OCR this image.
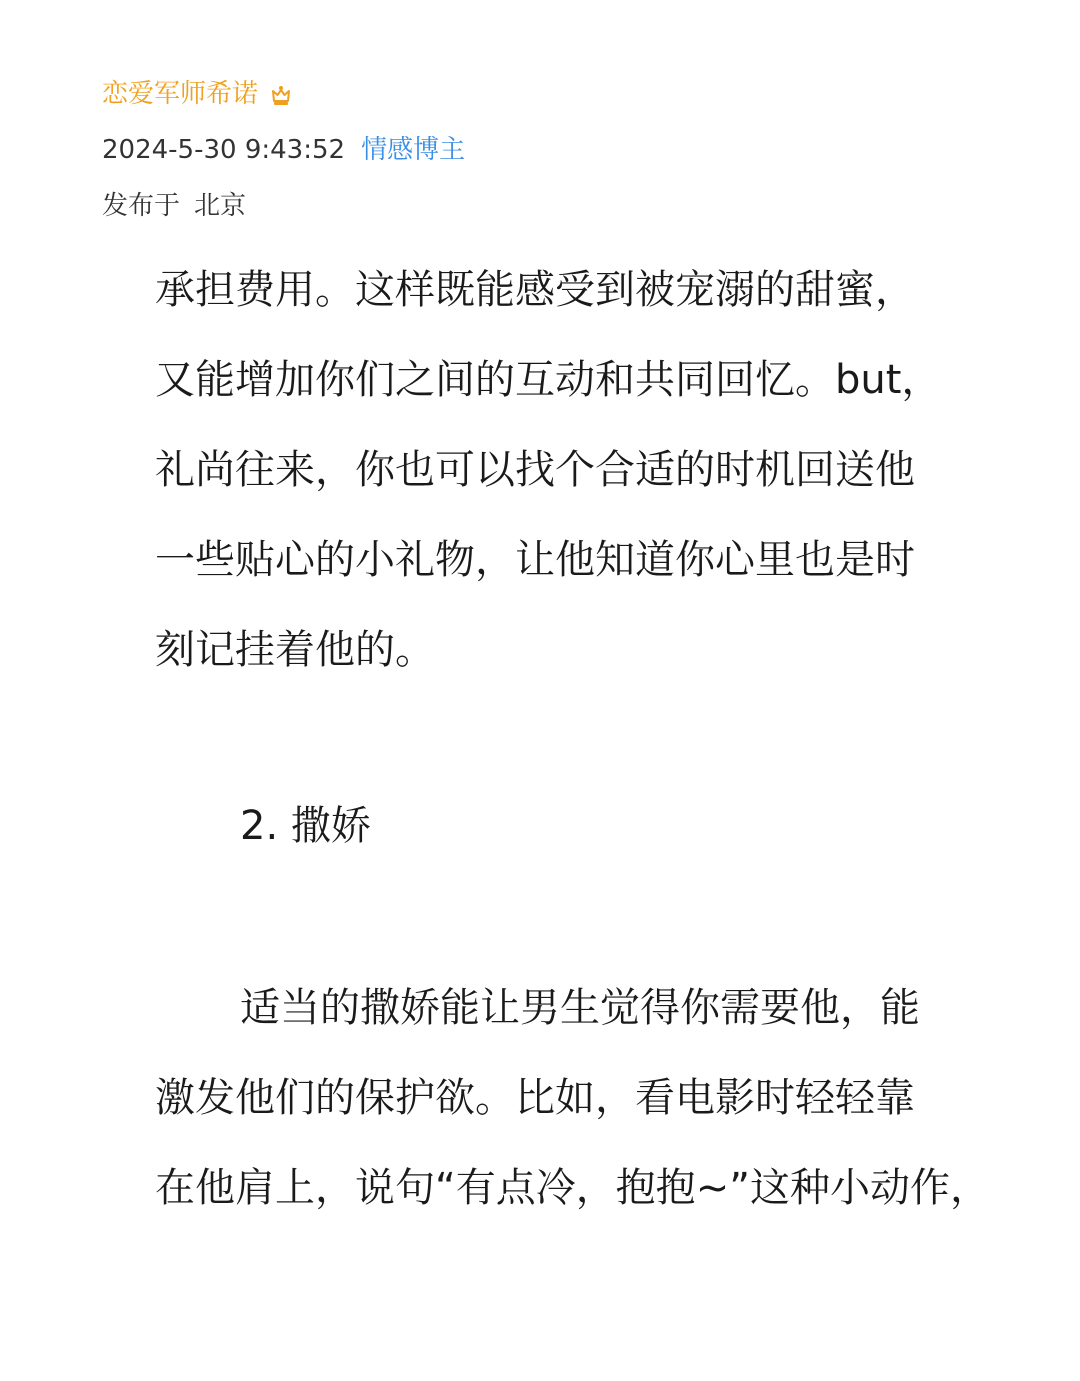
恋爱军师希诺
2024-5-30 9:43:52 情感博主
发布于 北京
承担费用。这样既能感受到被宠溺的甜蜜，
又能增加你们之间的互动和共同回忆。but，
礼尚往来，你也可以找个合适的时机回送他
一些贴心的小礼物，让他知道你心里也是时
刻记挂着他的。
2. 撒娇
适当的撒娇能让男生觉得你需要他，能
激发他们的保护欲。比如，看电影时轻轻靠
在他肩上，说句“有点冷，抱抱~”这种小动作，
